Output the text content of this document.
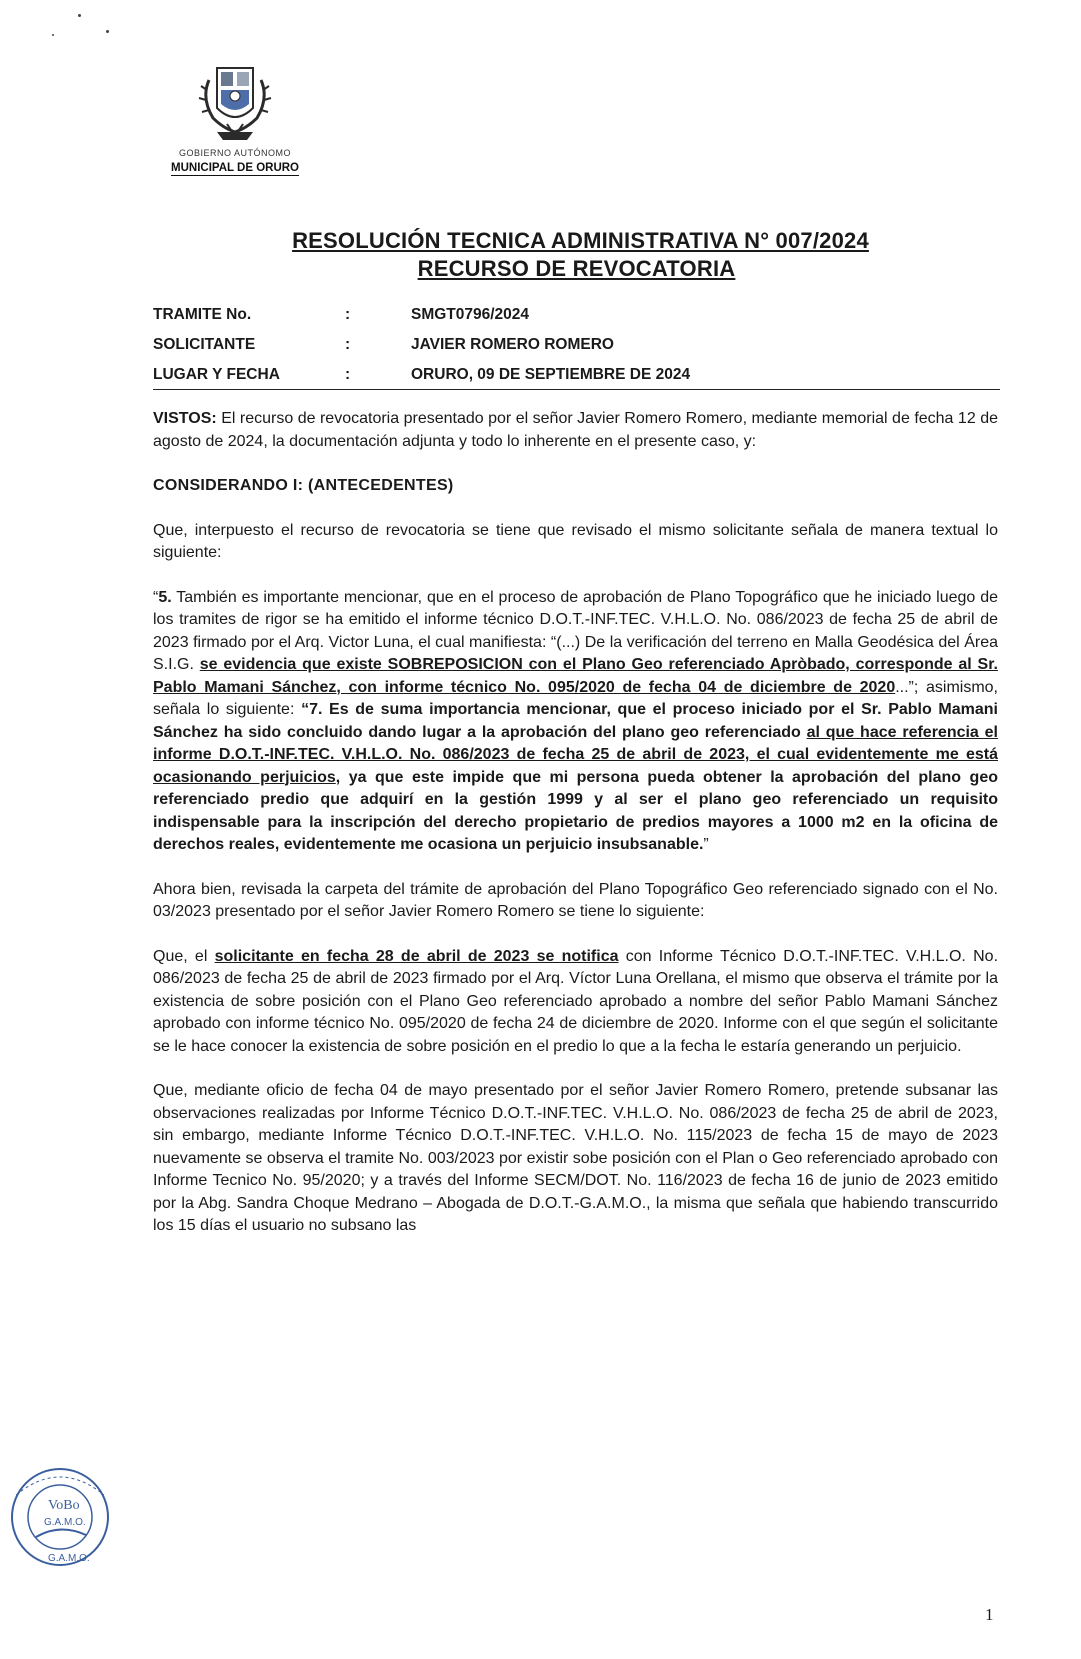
GOBIERNO AUTÓNOMO
MUNICIPAL DE ORURO
RESOLUCIÓN TECNICA ADMINISTRATIVA N° 007/2024
RECURSO DE REVOCATORIA
TRAMITE No.	:	SMGT0796/2024
SOLICITANTE	:	JAVIER ROMERO ROMERO
LUGAR Y FECHA	:	ORURO, 09 DE SEPTIEMBRE DE 2024

VISTOS: El recurso de revocatoria presentado por el señor Javier Romero Romero, mediante memorial de fecha 12 de agosto de 2024, la documentación adjunta y todo lo inherente en el presente caso, y:

CONSIDERANDO I: (ANTECEDENTES)

Que, interpuesto el recurso de revocatoria se tiene que revisado el mismo solicitante señala de manera textual lo siguiente:

“5. También es importante mencionar, que en el proceso de aprobación de Plano Topográfico que he iniciado luego de los tramites de rigor se ha emitido el informe técnico D.O.T.-INF.TEC. V.H.L.O. No. 086/2023 de fecha 25 de abril de 2023 firmado por el Arq. Victor Luna, el cual manifiesta: “(...) De la verificación del terreno en Malla Geodésica del Área S.I.G. se evidencia que existe SOBREPOSICION con el Plano Geo referenciado Apròbado, corresponde al Sr. Pablo Mamani Sánchez, con informe técnico No. 095/2020 de fecha 04 de diciembre de 2020...”; asimismo, señala lo siguiente: “7. Es de suma importancia mencionar, que el proceso iniciado por el Sr. Pablo Mamani Sánchez ha sido concluido dando lugar a la aprobación del plano geo referenciado al que hace referencia el informe D.O.T.-INF.TEC. V.H.L.O. No. 086/2023 de fecha 25 de abril de 2023, el cual evidentemente me está ocasionando perjuicios, ya que este impide que mi persona pueda obtener la aprobación del plano geo referenciado predio que adquirí en la gestión 1999 y al ser el plano geo referenciado un requisito indispensable para la inscripción del derecho propietario de predios mayores a 1000 m2 en la oficina de derechos reales, evidentemente me ocasiona un perjuicio insubsanable.”

Ahora bien, revisada la carpeta del trámite de aprobación del Plano Topográfico Geo referenciado signado con el No. 03/2023 presentado por el señor Javier Romero Romero se tiene lo siguiente:

Que, el solicitante en fecha 28 de abril de 2023 se notifica con Informe Técnico D.O.T.-INF.TEC. V.H.L.O. No. 086/2023 de fecha 25 de abril de 2023 firmado por el Arq. Víctor Luna Orellana, el mismo que observa el trámite por la existencia de sobre posición con el Plano Geo referenciado aprobado a nombre del señor Pablo Mamani Sánchez aprobado con informe técnico No. 095/2020 de fecha 24 de diciembre de 2020. Informe con el que según el solicitante se le hace conocer la existencia de sobre posición en el predio lo que a la fecha le estaría generando un perjuicio.

Que, mediante oficio de fecha 04 de mayo presentado por el señor Javier Romero Romero, pretende subsanar las observaciones realizadas por Informe Técnico D.O.T.-INF.TEC. V.H.L.O. No. 086/2023 de fecha 25 de abril de 2023, sin embargo, mediante Informe Técnico D.O.T.-INF.TEC. V.H.L.O. No. 115/2023 de fecha 15 de mayo de 2023 nuevamente se observa el tramite No. 003/2023 por existir sobe posición con el Plan o Geo referenciado aprobado con Informe Tecnico No. 95/2020; y a través del Informe SECM/DOT. No. 116/2023 de fecha 16 de junio de 2023 emitido por la Abg. Sandra Choque Medrano – Abogada de D.O.T.-G.A.M.O., la misma que señala que habiendo transcurrido los 15 días el usuario no subsano las

VoBo
G.A.M.O.
G.A.M.O.
1
